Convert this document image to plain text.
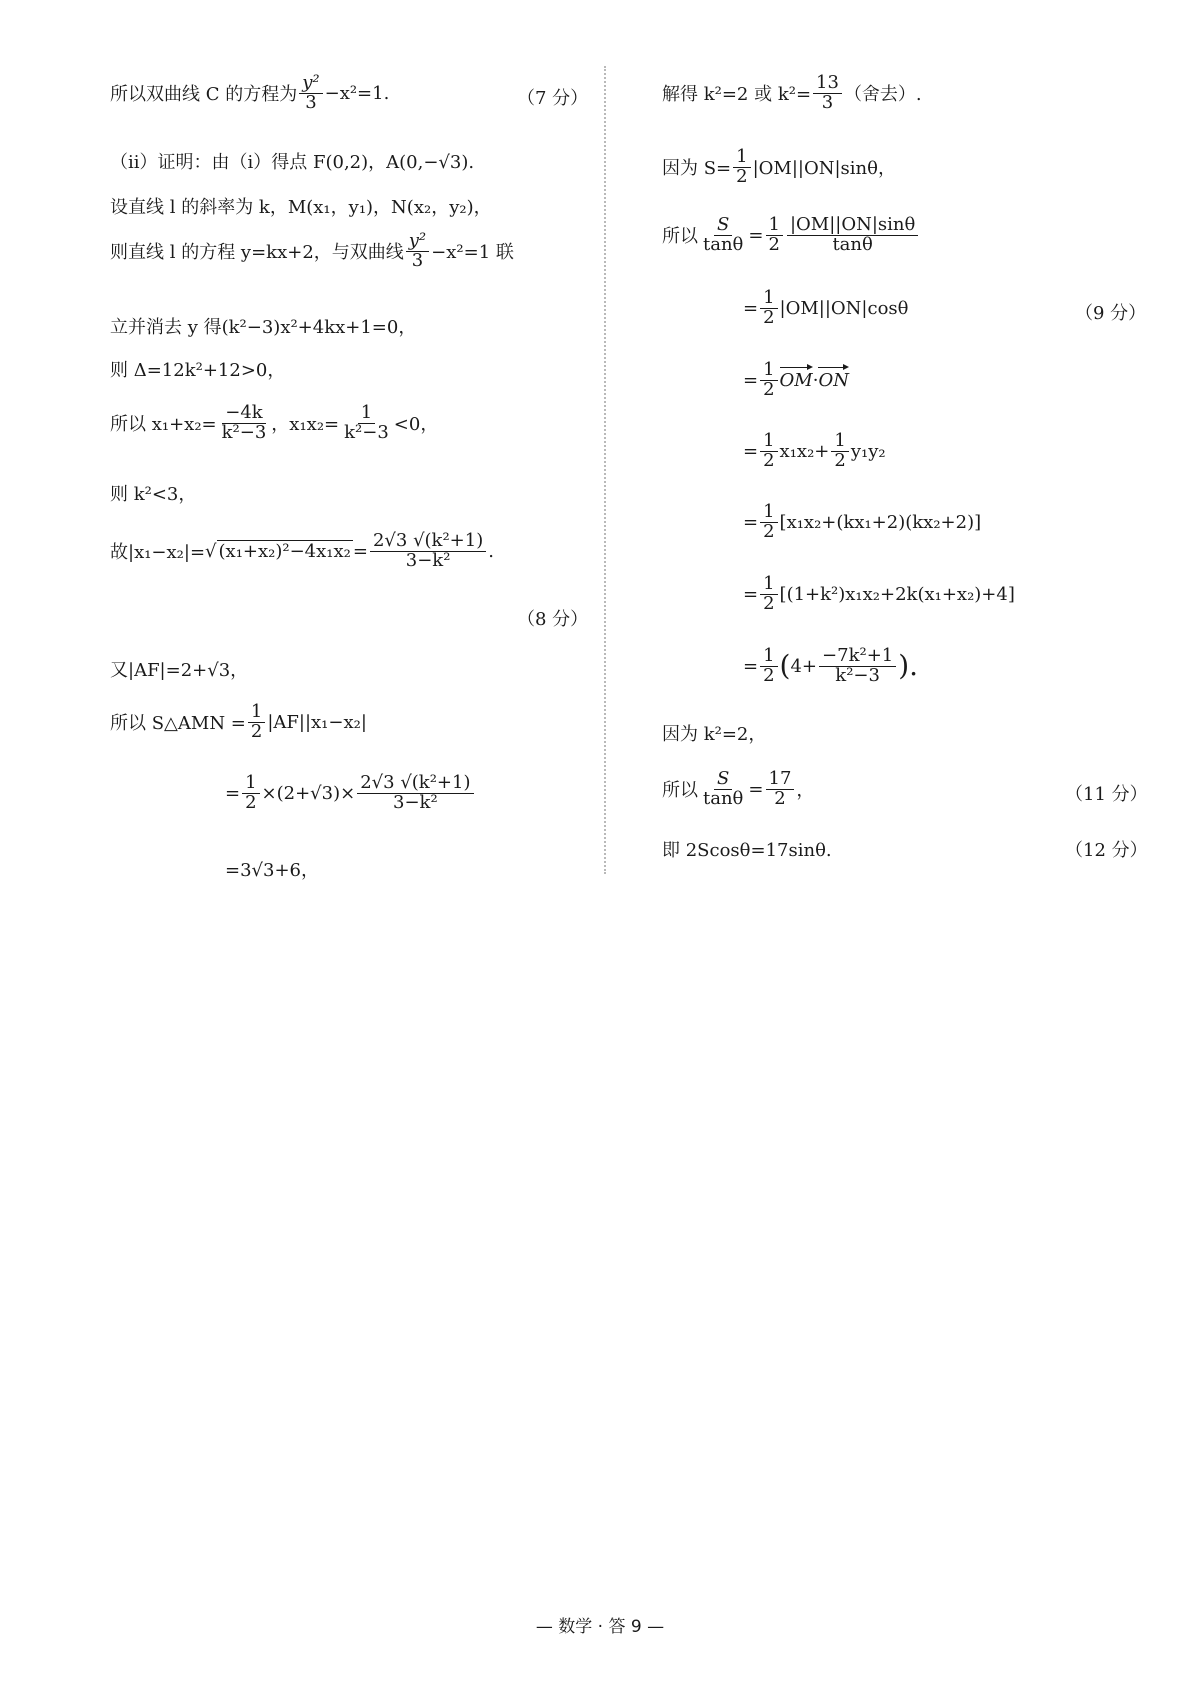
所以双曲线 C 的方程为 $\frac{\text{y²}}{3} -x^2=1$.	（7 分）
（ⅱ）证明：由（ⅰ）得点 F(0,2)，A(0,−√3).
设直线 l 的斜率为 k，M(x₁，y₁)，N(x₂，y₂)，
则直线 l 的方程 y=kx+2，与双曲线 $\frac{\text{y²}}{3} -x^2=1$ 联
立并消去 y 得(k²−3)x²+4kx+1=0，
则 Δ=12k²+12>0，
所以 $x_1+x_2= \frac{-4k}{\text{k²−3}}$ ，$x_1x_2= \frac{1}{\text{k²−3}} <0$，
则 k²<3，
故|x₁−x₂|= √ $(x_1+x_2)^2-4x_1x_2 = \frac{\text{2√3 √(k²+1)}}{\text{3−k²}}$ .
（8 分）
又|AF|=2+√3，
所以 S△AMN = $\frac{1}{2} |AF||x_1-x_2|$
= $\frac{1}{2} \times(2+√3)\times \frac{\text{2√3 √(k²+1)}}{\text{3−k²}}$
=3√3+6，
解得 k²=2 或 $k^2= \frac{13}{3}$ （舍去）.
因为 $S= \frac{1}{2} |OM||ON|\sin\theta$，
所以 $\frac{S}{\tan\theta} = \frac{1}{2} \frac{|OM||ON|\sin\theta}{\tan\theta}$
= $\frac{1}{2} |OM||ON|\cos\theta$	（9 分）
= $\frac{1}{2}$ OM · ON
= $\frac{1}{2} x_1x_2+ \frac{1}{2} y_1y_2$
= $\frac{1}{2} [x_1x_2+(kx_1+2)(kx_2+2)]$
= $\frac{1}{2} [(1+k^2)x_1x_2+2k(x_1+x_2)+4]$
= $\frac{1}{2}$ ( $4+ \frac{\text{−7k²+1}}{\text{k²−3}}$ ).
因为 k²=2，
所以 $\frac{S}{\tan\theta} = \frac{17}{2}$ ，	（11 分）
即 2Scosθ=17sinθ.	（12 分）
— 数学 · 答 9 —
